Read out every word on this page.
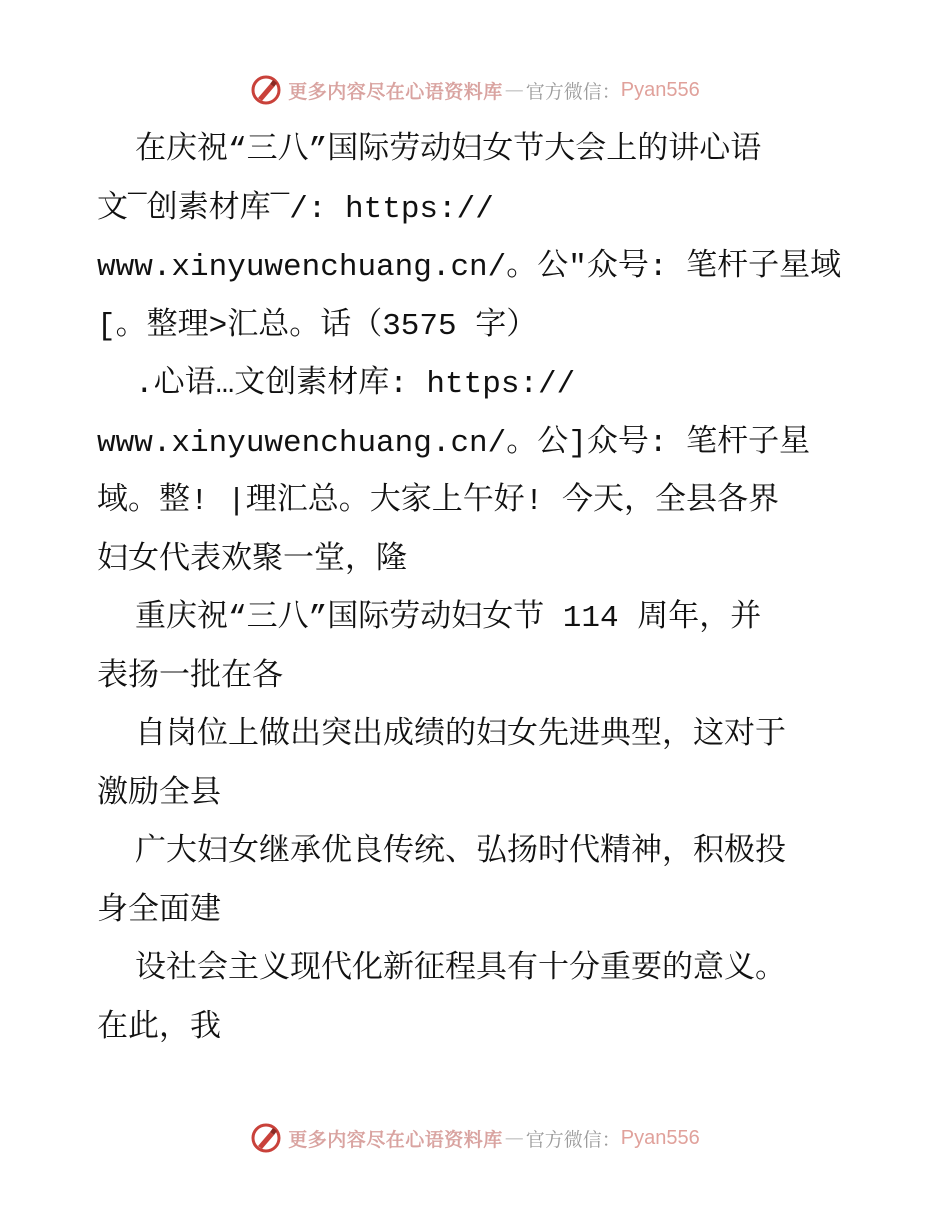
更多内容尽在心语资料库 — 官方微信： Pyan556
在庆祝“三八”国际劳动妇女节大会上的讲心语
文¯创素材库¯/: https://
www.xinyuwenchuang.cn/。公"众号: 笔杆子星域
[。整理>汇总。话（3575 字）
.心语…文创素材库: https://
www.xinyuwenchuang.cn/。公]众号: 笔杆子星
域。整! |理汇总。大家上午好! 今天，全县各界
妇女代表欢聚一堂，隆
重庆祝“三八”国际劳动妇女节 114 周年，并
表扬一批在各
自岗位上做出突出成绩的妇女先进典型，这对于
激励全县
广大妇女继承优良传统、弘扬时代精神，积极投
身全面建
设社会主义现代化新征程具有十分重要的意义。
在此，我
更多内容尽在心语资料库 — 官方微信： Pyan556
